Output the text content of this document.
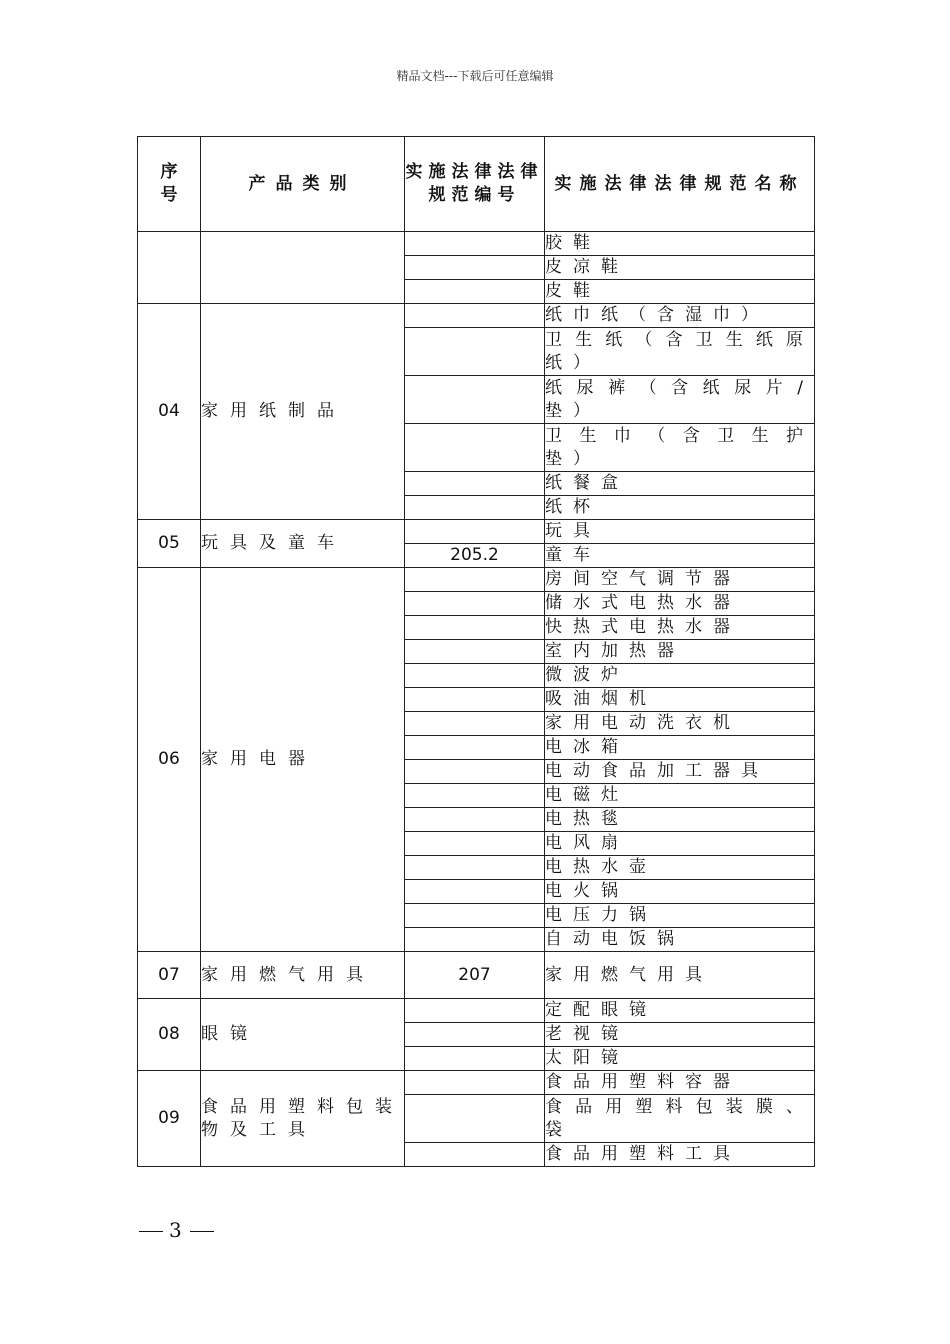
精品文档---下载后可任意编辑
序号	产品类别	实施法律法律规范编号	实施法律法律规范名称
			胶鞋
			皮凉鞋
			皮鞋
04	家用纸制品		纸巾纸（含湿巾）
			卫生纸（含卫生纸原纸）
			纸尿裤（含纸尿片/垫）
			卫生巾（含卫生护垫）
			纸餐盒
			纸杯
05	玩具及童车		玩具
		205.2	童车
06	家用电器		房间空气调节器
			储水式电热水器
			快热式电热水器
			室内加热器
			微波炉
			吸油烟机
			家用电动洗衣机
			电冰箱
			电动食品加工器具
			电磁灶
			电热毯
			电风扇
			电热水壶
			电火锅
			电压力锅
			自动电饭锅
07	家用燃气用具	207	家用燃气用具
08	眼镜		定配眼镜
			老视镜
			太阳镜
09	食品用塑料包装物及工具		食品用塑料容器
			食品用塑料包装膜、袋
			食品用塑料工具
3
